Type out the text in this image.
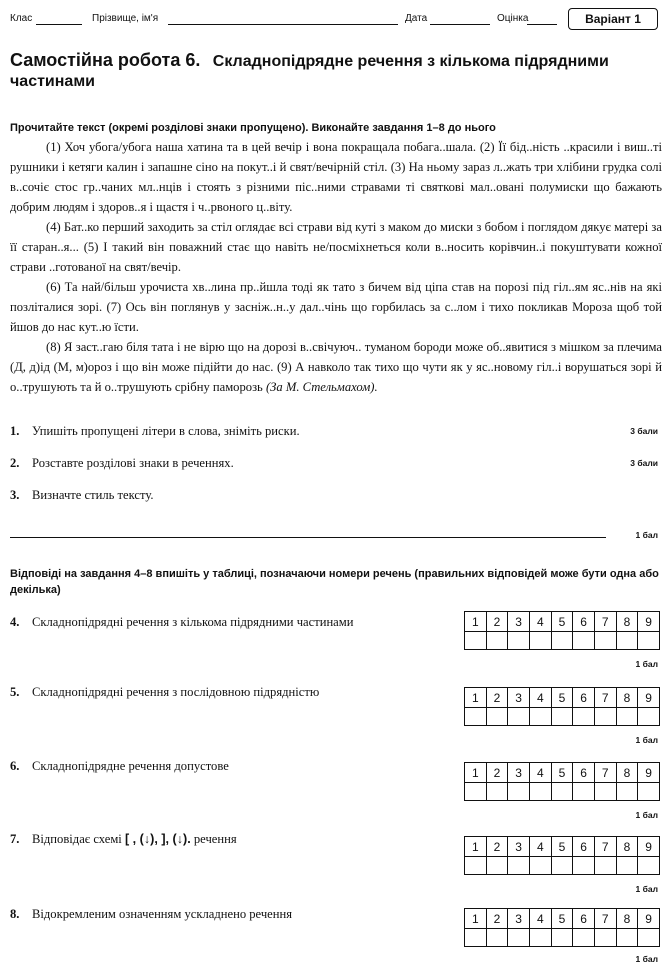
Клас	Прізвище, ім'я	Дата	Оцінка	Варіант 1
Самостійна робота 6. Складнопідрядне речення з кількома підрядними частинами
Прочитайте текст (окремі розділові знаки пропущено). Виконайте завдання 1–8 до нього

(1) Хоч убога/убога наша хатина та в цей вечір і вона покращала побага..шала. (2) Її бід..ність ..красили і виш..ті рушники і кетяги калин і запашне сіно на покут..і й свят/вечірній стіл. (3) На ньому зараз л..жать три хлібини грудка солі в..сочіє стос гр..чаних мл..нців і стоять з різними піс..ними стравами ті святкові мал..овані полумиски що бажають добрим людям і здоров..я і щастя і ч..рвоного ц..віту.

(4) Бат..ко перший заходить за стіл оглядає всі страви від куті з маком до миски з бобом і поглядом дякує матері за її старан..я... (5) І такий він поважний стає що навіть не/посміхнеться коли в..носить корівчин..і покуштувати кожної страви ..готованої на свят/вечір.

(6) Та най/більш урочиста хв..лина пр..йшла тоді як тато з бичем від ціпа став на порозі під гіл..ям яс..нів на які позліталися зорі. (7) Ось він поглянув у засніж..н..у дал..чінь що горбилась за с..лом і тихо покликав Мороза щоб той йшов до нас кут..ю їсти.

(8) Я заст..гаю біля тата і не вірю що на дорозі в..свічуюч.. туманом бороди може об..явитися з мішком за плечима (Д, д)ід (М, м)ороз і що він може підійти до нас. (9) А навколо так тихо що чути як у яс..новому гіл..і ворушаться зорі й о..трушують та й о..трушують срібну паморозь (За М. Стельмахом).

1. Упишіть пропущені літери в слова, зніміть риски.	3 бали
2. Розставте розділові знаки в реченнях.	3 бали
3. Визначте стиль тексту.
1 бал
Відповіді на завдання 4–8 впишіть у таблиці, позначаючи номери речень (правильних відповідей може бути одна або декілька)
4. Складнопідрядні речення з кількома підрядними частинами	1	2	3	4	5	6	7	8	9

1 бал
5. Складнопідрядні речення з послідовною підрядністю	1	2	3	4	5	6	7	8	9

1 бал
6. Складнопідрядне речення допустове	1	2	3	4	5	6	7	8	9

1 бал
7. Відповідає схемі [ , (↓), ], (↓). речення
1	2	3	4	5	6	7	8	9

1 бал
8. Відокремленим означенням ускладнено речення	1	2	3	4	5	6	7	8	9

1 бал
